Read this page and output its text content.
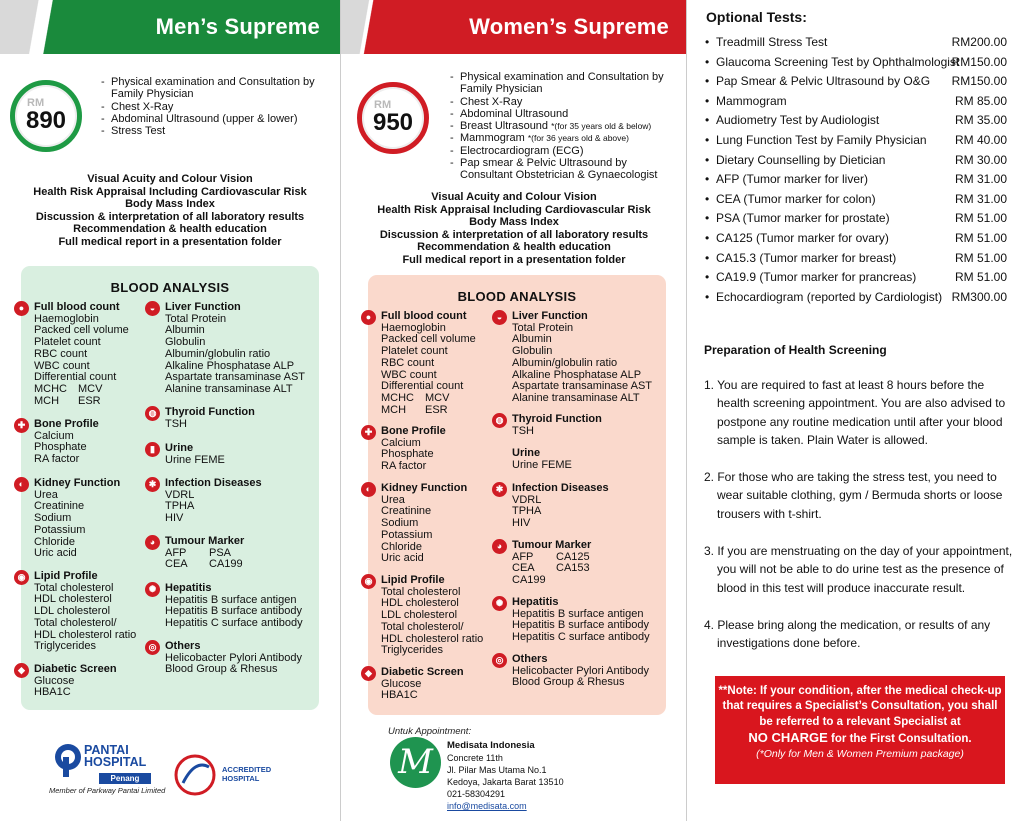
Men’s Supreme
RM
890
- Physical examination and Consultation by Family Physician
- Chest X-Ray
- Abdominal Ultrasound (upper & lower)
- Stress Test
Visual Acuity and Colour Vision
Health Risk Appraisal Including Cardiovascular Risk
Body Mass Index
Discussion & interpretation of all laboratory results
Recommendation & health education
Full medical report in a presentation folder
BLOOD ANALYSIS
● Full blood count
Haemoglobin
Packed cell volume
Platelet count
RBC count
WBC count
Differential count
MCHC	MCV
MCH	ESR
✚ Bone Profile
Calcium
Phosphate
RA factor
◐ Kidney Function
Urea
Creatinine
Sodium
Potassium
Chloride
Uric acid
◉ Lipid Profile
Total cholesterol
HDL cholesterol
LDL cholesterol
Total cholesterol/
HDL cholesterol ratio
Triglycerides
◆ Diabetic Screen
Glucose
HBA1C
◒ Liver Function
Total Protein
Albumin
Globulin
Albumin/globulin ratio
Alkaline Phosphatase ALP
Aspartate transaminase AST
Alanine transaminase ALT
◍ Thyroid Function
TSH
▮ Urine
Urine FEME
✱ Infection Diseases
VDRL
TPHA
HIV
◕ Tumour Marker
AFP	PSA
CEA	CA199
✺ Hepatitis
Hepatitis B surface antigen
Hepatitis B surface antibody
Hepatitis C surface antibody
◎ Others
Helicobacter Pylori Antibody
Blood Group & Rhesus
PANTAI
HOSPITAL
Penang
Member of Parkway Pantai Limited
ACCREDITED
HOSPITAL
Women’s Supreme
RM
950
- Physical examination and Consultation by Family Physician
- Chest X-Ray
- Abdominal Ultrasound
- Breast Ultrasound *(for 35 years old & below)
- Mammogram *(for 36 years old & above)
- Electrocardiogram (ECG)
- Pap smear & Pelvic Ultrasound by Consultant Obstetrician & Gynaecologist
Visual Acuity and Colour Vision
Health Risk Appraisal Including Cardiovascular Risk
Body Mass Index
Discussion & interpretation of all laboratory results
Recommendation & health education
Full medical report in a presentation folder
BLOOD ANALYSIS
● Full blood count
Haemoglobin
Packed cell volume
Platelet count
RBC count
WBC count
Differential count
MCHC	MCV
MCH	ESR
✚ Bone Profile
Calcium
Phosphate
RA factor
◐ Kidney Function
Urea
Creatinine
Sodium
Potassium
Chloride
Uric acid
◉ Lipid Profile
Total cholesterol
HDL cholesterol
LDL cholesterol
Total cholesterol/
HDL cholesterol ratio
Triglycerides
◆ Diabetic Screen
Glucose
HBA1C
◒ Liver Function
Total Protein
Albumin
Globulin
Albumin/globulin ratio
Alkaline Phosphatase ALP
Aspartate transaminase AST
Alanine transaminase ALT
◍ Thyroid Function
TSH
Urine
Urine FEME
✱ Infection Diseases
VDRL
TPHA
HIV
◕ Tumour Marker
AFP	CA125
CEA	CA153
CA199
✺ Hepatitis
Hepatitis B surface antigen
Hepatitis B surface antibody
Hepatitis C surface antibody
◎ Others
Helicobacter Pylori Antibody
Blood Group & Rhesus
Untuk Appointment:
M	Medisata Indonesia
Concrete 11th
Jl. Pilar Mas Utama No.1
Kedoya, Jakarta Barat 13510
021-58304291
info@medisata.com
Optional Tests:
• Treadmill Stress Test	RM200.00
• Glaucoma Screening Test by Ophthalmologist
RM150.00
• Pap Smear & Pelvic Ultrasound by O&G RM150.00
• Mammogram	RM 85.00
• Audiometry Test by Audiologist	RM 35.00
• Lung Function Test by Family Physician RM 40.00
• Dietary Counselling by Dietician	RM 30.00
• AFP (Tumor marker for liver)	RM 31.00
• CEA (Tumor marker for colon)	RM 31.00
• PSA (Tumor marker for prostate)	RM 51.00
• CA125 (Tumor marker for ovary)	RM 51.00
• CA15.3 (Tumor marker for breast)	RM 51.00
• CA19.9 (Tumor marker for prancreas)	RM 51.00
• Echocardiogram (reported by Cardiologist) RM300.00
Preparation of Health Screening
1. You are required to fast at least 8 hours before the health screening appointment. You are also advised to postpone any routine medication until after your blood sample is taken. Plain Water is allowed.
2. For those who are taking the stress test, you need to wear suitable clothing, gym / Bermuda shorts or loose trousers with t-shirt.
3. If you are menstruating on the day of your appointment, you will not be able to do urine test as the presence of blood in this test will produce inaccurate result.
4. Please bring along the medication, or results of any investigations done before.
**Note: If your condition, after the medical check-up that requires a Specialist’s Consultation, you shall be referred to a relevant Specialist at
NO CHARGE for the First Consultation.
(*Only for Men & Women Premium package)
